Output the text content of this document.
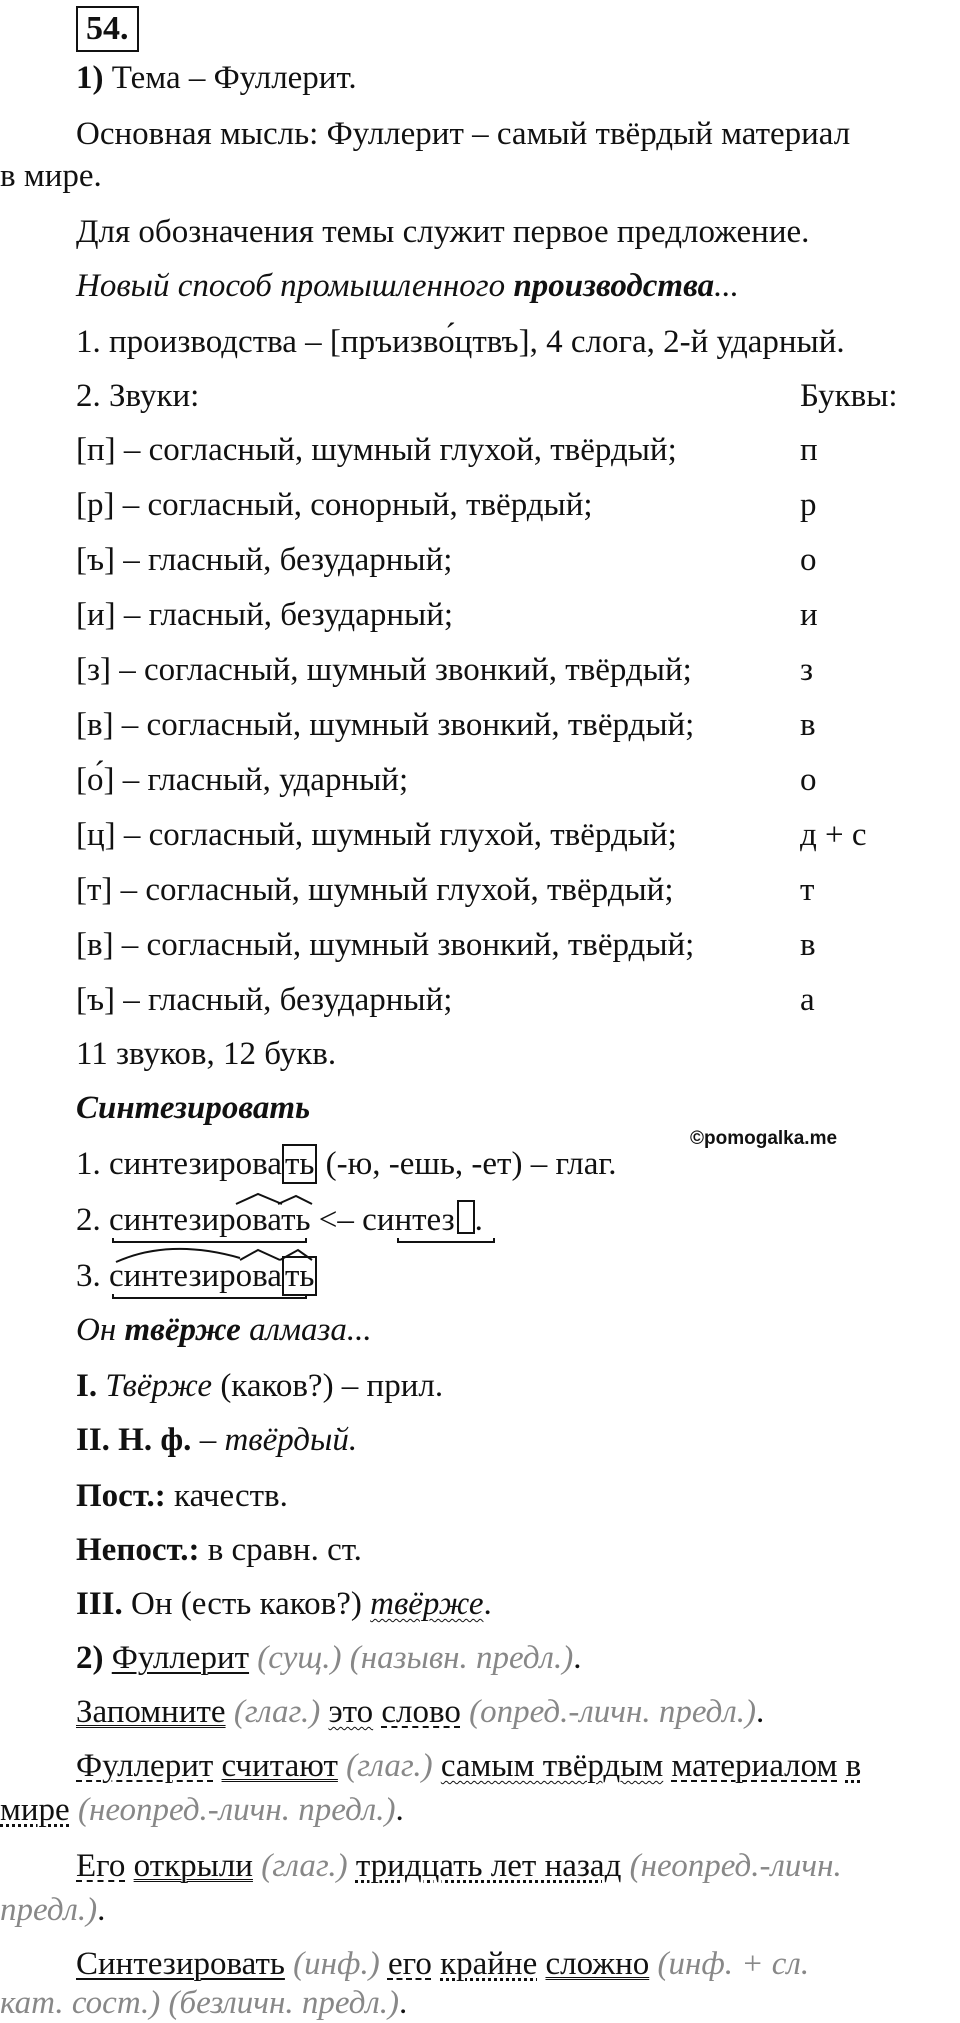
54.
1) Тема – Фуллерит.
Основная мысль: Фуллерит – самый твёрдый материал
в мире.
Для обозначения темы служит первое предложение.
Новый способ промышленного производства...
1. производства – [пръизво́цтвъ], 4 слога, 2-й ударный.
2. Звуки:	Буквы:
[п] – согласный, шумный глухой, твёрдый;	п
[р] – согласный, сонорный, твёрдый;	р
[ъ] – гласный, безударный;	о
[и] – гласный, безударный;	и
[з] – согласный, шумный звонкий, твёрдый;	з
[в] – согласный, шумный звонкий, твёрдый;	в
[о́] – гласный, ударный;	о
[ц] – согласный, шумный глухой, твёрдый;	д + с
[т] – согласный, шумный глухой, твёрдый;	т
[в] – согласный, шумный звонкий, твёрдый;	в
[ъ] – гласный, безударный;	а
11 звуков, 12 букв.
Синтезировать
©pomogalka.me
1. синтезировать (-ю, -ешь, -ет) – глаг.
2. синтезировать <– синтез .
3. синтезировать
Он твёрже алмаза...
I. Твёрже (каков?) – прил.
II. Н. ф. – твёрдый.
Пост.: качеств.
Непост.: в сравн. ст.
III. Он (есть каков?) твёрже.
2) Фуллерит (сущ.) (назывн. предл.).
Запомните (глаг.) это слово (опред.-личн. предл.).
Фуллерит считают (глаг.) самым твёрдым материалом в
мире (неопред.-личн. предл.).
Его открыли (глаг.) тридцать лет назад (неопред.-личн.
предл.).
Синтезировать (инф.) его крайне сложно (инф. + сл.
кат. сост.) (безличн. предл.).
